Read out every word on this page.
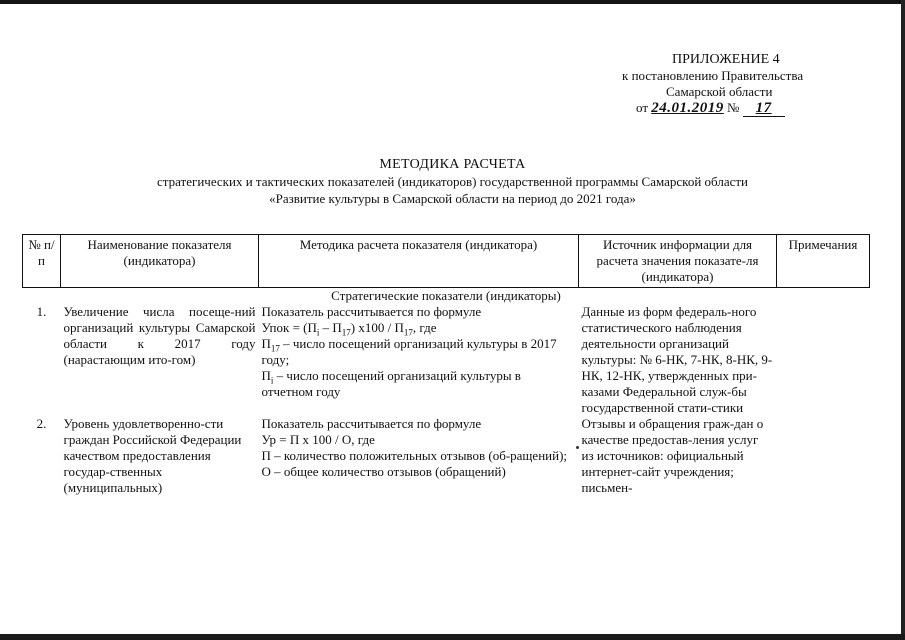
ПРИЛОЖЕНИЕ 4
к постановлению Правительства
Самарской области
от 24.01.2019 № 17
МЕТОДИКА РАСЧЕТА
стратегических и тактических показателей (индикаторов) государственной программы Самарской области
«Развитие культуры в Самарской области на период до 2021 года»
№ п/п	Наименование показателя (индикатора)	Методика расчета показателя (индикатора)	Источник информации для расчета значения показате-ля (индикатора)	Примечания
Стратегические показатели (индикаторы)				
1.	Увеличение числа посеще-ний организаций культуры Самарской области к 2017 году (нарастающим ито-гом)	Показатель рассчитывается по формуле
Упок = $(П_i - П_{17})$ $х100 / П_{17}$, где
$П_{17}$ – число посещений организаций культуры в 2017 году;
$П_i$ – число посещений организаций культуры в отчетном году	Данные из форм федераль-ного статистического наблюдения деятельности организаций культуры: № 6-НК, 7-НК, 8-НК, 9-НК, 12-НК, утвержденных при-казами Федеральной служ-бы государственной стати-стики	
2.	Уровень удовлетворенно-сти граждан Российской Федерации качеством предоставления государ-ственных (муниципальных)	Показатель рассчитывается по формуле
Ур = П х 100 / О, где
П – количество положительных отзывов (об-ращений);
О – общее количество отзывов (обращений)	Отзывы и обращения граж-дан о качестве предостав-ления услуг из источников: официальный интернет-сайт учреждения; письмен-	
